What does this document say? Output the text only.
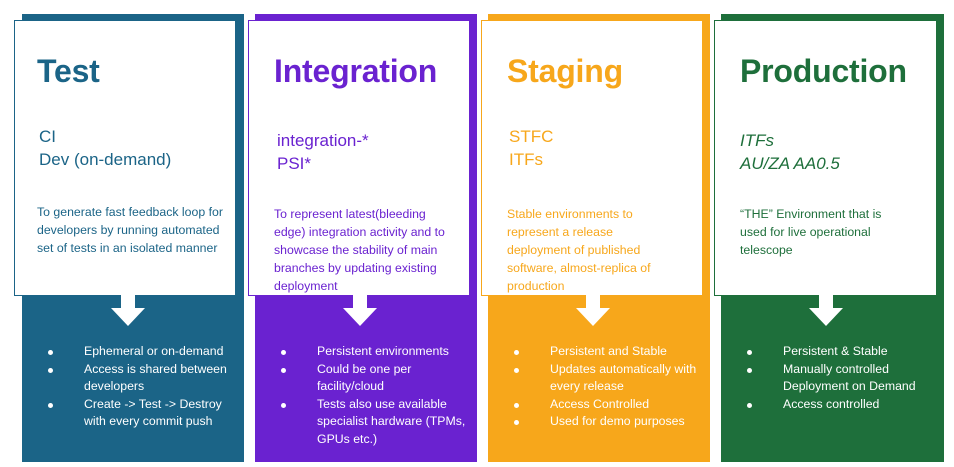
Test
CI
Dev (on-demand)
To generate fast feedback loop for developers by running automated set of tests in an isolated manner
Ephemeral or on-demand
Access is shared between developers
Create -> Test -> Destroy with every commit push
Integration
integration-*
PSI*
To represent latest(bleeding edge) integration activity and to showcase the stability of main branches by updating existing deployment
Persistent environments
Could be one per facility/cloud
Tests also use available specialist hardware (TPMs, GPUs etc.)
Staging
STFC
ITFs
Stable environments to represent a release deployment of published software, almost-replica of production
Persistent and Stable
Updates automatically with every release
Access Controlled
Used for demo purposes
Production
ITFs
AU/ZA AA0.5
“THE” Environment that is used for live operational telescope
Persistent & Stable
Manually controlled Deployment on Demand
Access controlled
